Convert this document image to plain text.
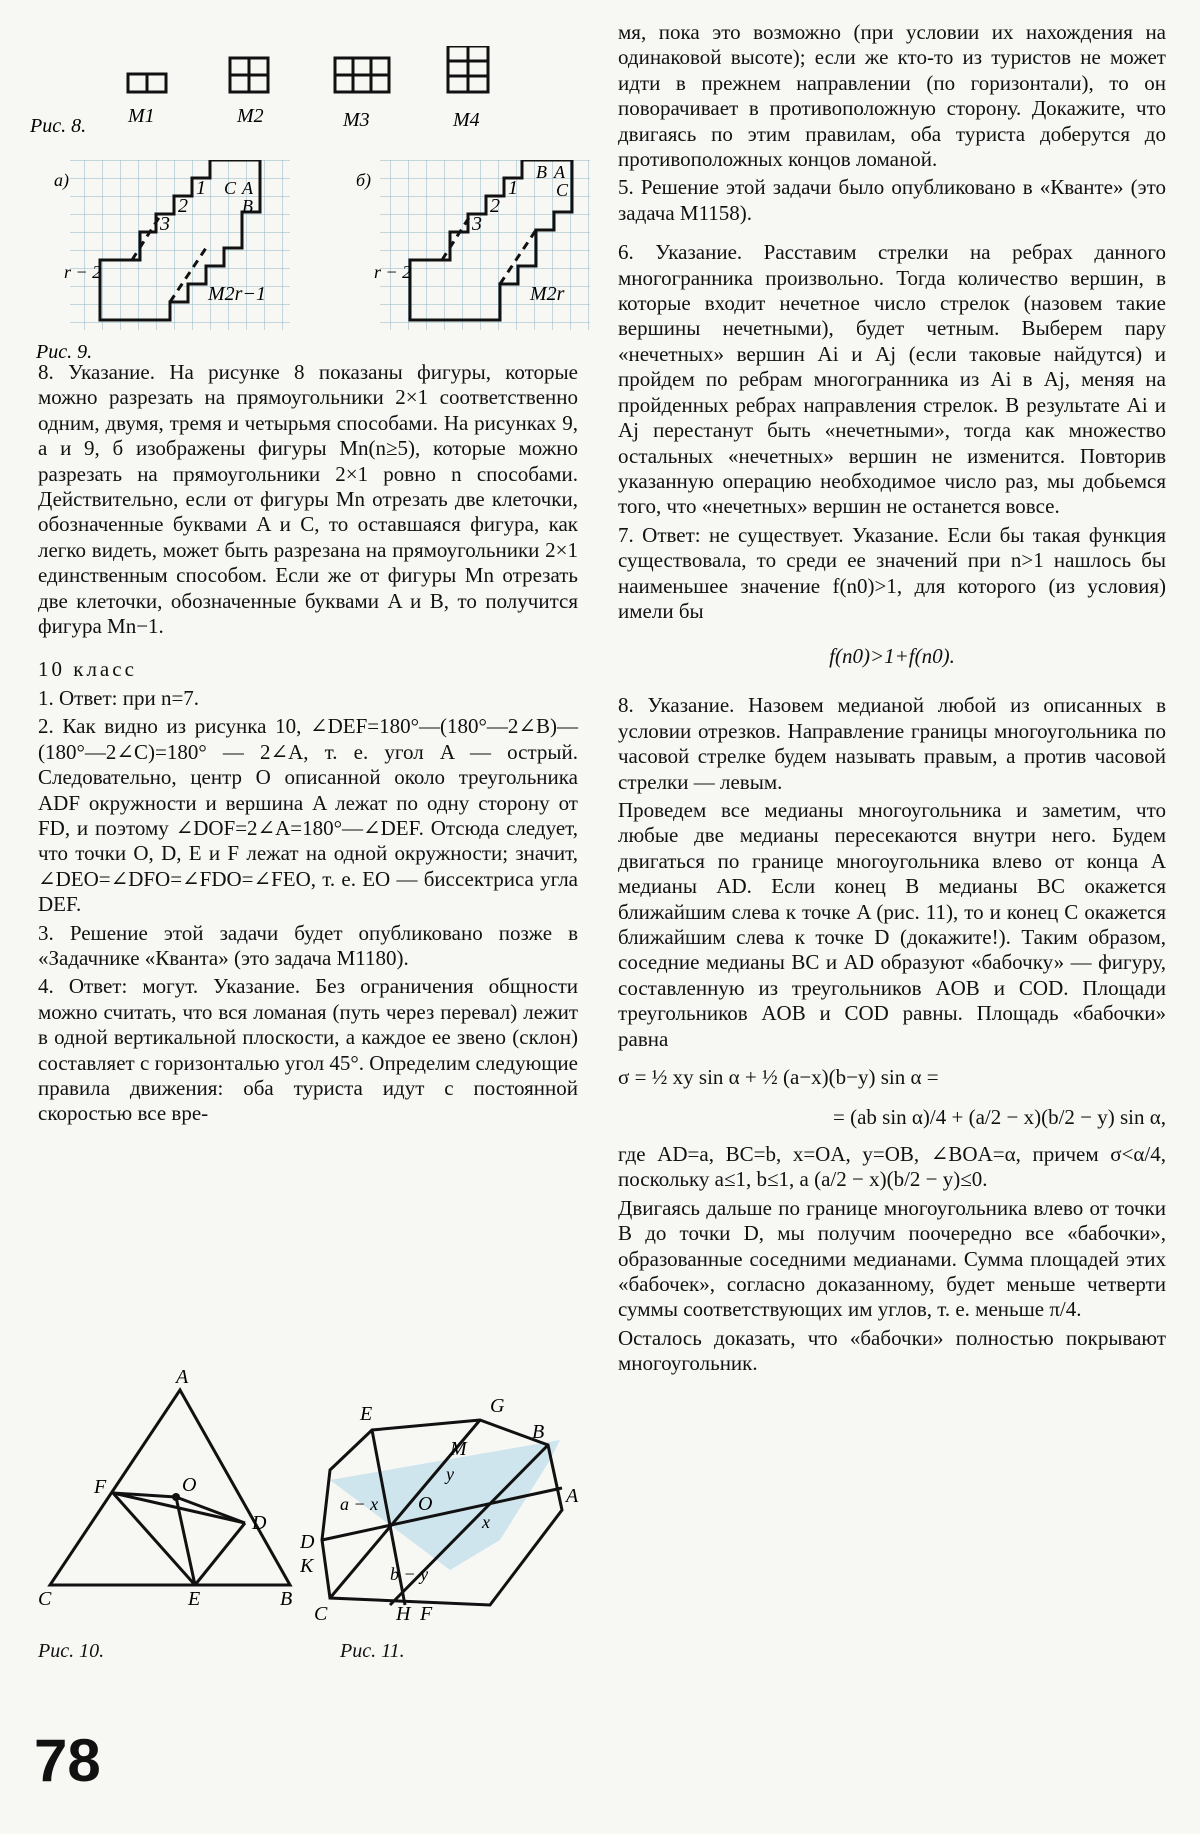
Рис. 8. M1	M2	M3	M4
а)	1
2
3
r − 2
C A
B
M2r−1
б)	1
2
3
r − 2
B A
C
M2r
Рис. 9.

8. Указание. На рисунке 8 показаны фигуры, которые можно разрезать на прямоугольники 2×1 соответственно одним, двумя, тремя и четырьмя способами. На рисунках 9, а и 9, б изображены фигуры Mn(n≥5), которые можно разрезать на прямоугольники 2×1 ровно n способами. Действительно, если от фигуры Mn отрезать две клеточки, обозначенные буквами A и C, то оставшаяся фигура, как легко видеть, может быть разрезана на прямоугольники 2×1 единственным способом. Если же от фигуры Mn отрезать две клеточки, обозначенные буквами A и B, то получится фигура Mn−1.

10 класс

1. Ответ: при n=7.

2. Как видно из рисунка 10, ∠DEF=180°—(180°—2∠B)—(180°—2∠C)=180° — 2∠A, т. е. угол A — острый. Следовательно, центр O описанной около треугольника ADF окружности и вершина A лежат по одну сторону от FD, и поэтому ∠DOF=2∠A=180°—∠DEF. Отсюда следует, что точки O, D, E и F лежат на одной окружности; значит, ∠DEO=∠DFO=∠FDO=∠FEO, т. е. EO — биссектриса угла DEF.

3. Решение этой задачи будет опубликовано позже в «Задачнике «Кванта» (это задача M1180).

4. Ответ: могут. Указание. Без ограничения общности можно считать, что вся ломаная (путь через перевал) лежит в одной вертикальной плоскости, а каждое ее звено (склон) составляет с горизонталью угол 45°. Определим следующие правила движения: оба туриста идут с постоянной скоростью все вре-

A
O
F
D
C	E	B
Рис. 10.
E	G
M
B
A
y
a − x O
x
D
K	b − y
C	H F
Рис. 11.

мя, пока это возможно (при условии их нахождения на одинаковой высоте); если же кто-то из туристов не может идти в прежнем направлении (по горизонтали), то он поворачивает в противоположную сторону. Докажите, что двигаясь по этим правилам, оба туриста доберутся до противоположных концов ломаной.

5. Решение этой задачи было опубликовано в «Кванте» (это задача M1158).

6. Указание. Расставим стрелки на ребрах данного многогранника произвольно. Тогда количество вершин, в которые входит нечетное число стрелок (назовем такие вершины нечетными), будет четным. Выберем пару «нечетных» вершин Ai и Aj (если таковые найдутся) и пройдем по ребрам многогранника из Ai в Aj, меняя на пройденных ребрах направления стрелок. В результате Ai и Aj перестанут быть «нечетными», тогда как множество остальных «нечетных» вершин не изменится. Повторив указанную операцию необходимое число раз, мы добьемся того, что «нечетных» вершин не останется вовсе.

7. Ответ: не существует. Указание. Если бы такая функция существовала, то среди ее значений при n>1 нашлось бы наименьшее значение f(n0)>1, для которого (из условия) имели бы

f(n0)>1+f(n0).

8. Указание. Назовем медианой любой из описанных в условии отрезков. Направление границы многоугольника по часовой стрелке будем называть правым, а против часовой стрелки — левым.

Проведем все медианы многоугольника и заметим, что любые две медианы пересекаются внутри него. Будем двигаться по границе многоугольника влево от конца A медианы AD. Если конец B медианы BC окажется ближайшим слева к точке A (рис. 11), то и конец C окажется ближайшим слева к точке D (докажите!). Таким образом, соседние медианы BC и AD образуют «бабочку» — фигуру, составленную из треугольников AOB и COD. Площади треугольников AOB и COD равны. Площадь «бабочки» равна

σ = ½ xy sin α + ½ (a−x)(b−y) sin α =
= (ab sin α)/4 + (a/2 − x)(b/2 − y) sin α,

где AD=a, BC=b, x=OA, y=OB, ∠BOA=α, причем σ<α/4, поскольку a≤1, b≤1, а (a/2 − x)(b/2 − y)≤0.

Двигаясь дальше по границе многоугольника влево от точки B до точки D, мы получим поочередно все «бабочки», образованные соседними медианами. Сумма площадей этих «бабочек», согласно доказанному, будет меньше четверти суммы соответствующих им углов, т. е. меньше π/4.

Осталось доказать, что «бабочки» полностью покрывают многоугольник.

78
